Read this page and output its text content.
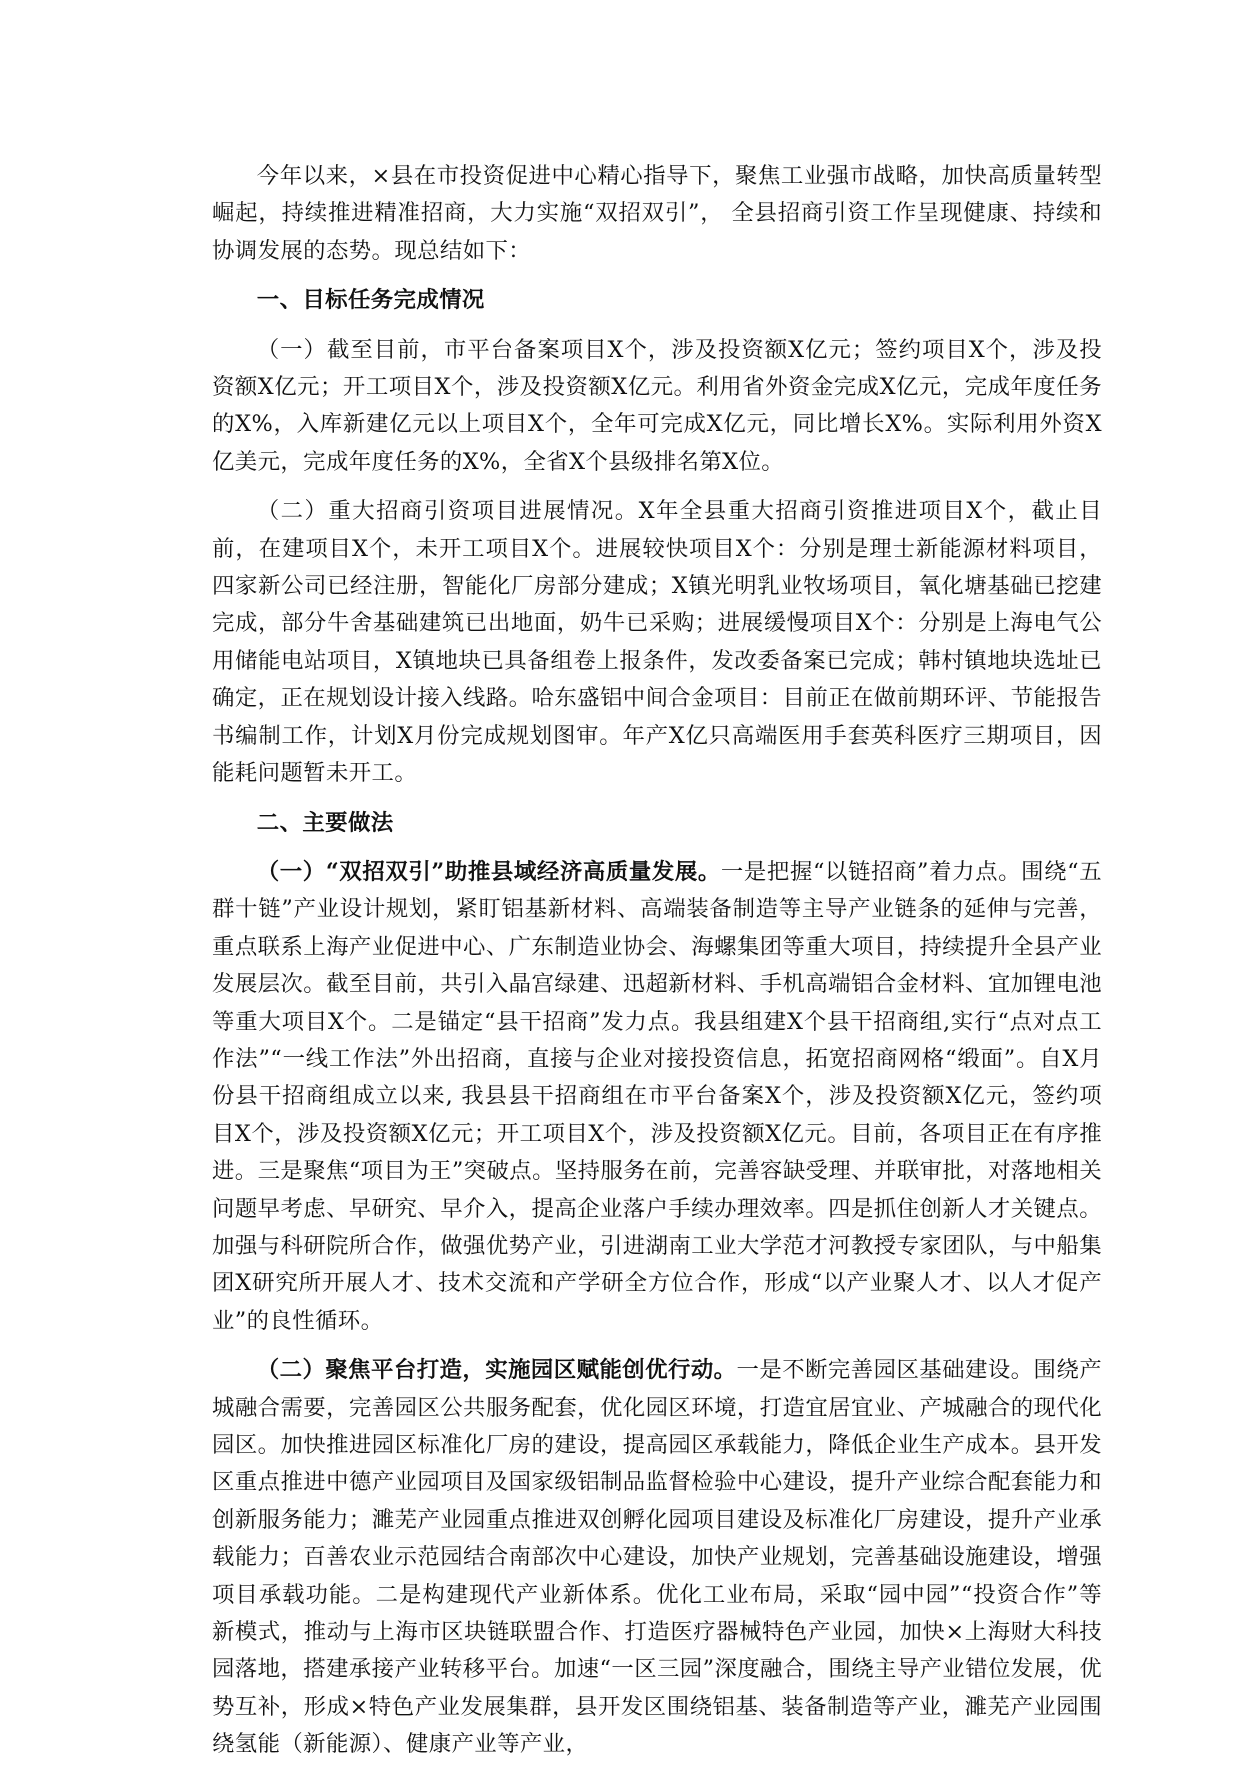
今年以来，×县在市投资促进中心精心指导下，聚焦工业强市战略，加快高质量转型崛起，持续推进精准招商，大力实施“双招双引”， 全县招商引资工作呈现健康、持续和协调发展的态势。现总结如下：

一、目标任务完成情况

（一）截至目前，市平台备案项目X个，涉及投资额X亿元；签约项目X个，涉及投资额X亿元；开工项目X个，涉及投资额X亿元。利用省外资金完成X亿元，完成年度任务的X%，入库新建亿元以上项目X个，全年可完成X亿元，同比增长X%。实际利用外资X亿美元，完成年度任务的X%，全省X个县级排名第X位。

（二）重大招商引资项目进展情况。X年全县重大招商引资推进项目X个，截止目前，在建项目X个，未开工项目X个。进展较快项目X个：分别是理士新能源材料项目，四家新公司已经注册，智能化厂房部分建成；X镇光明乳业牧场项目，氧化塘基础已挖建完成，部分牛舍基础建筑已出地面，奶牛已采购；进展缓慢项目X个：分别是上海电气公用储能电站项目，X镇地块已具备组卷上报条件，发改委备案已完成；韩村镇地块选址已确定，正在规划设计接入线路。哈东盛铝中间合金项目：目前正在做前期环评、节能报告书编制工作，计划X月份完成规划图审。年产X亿只高端医用手套英科医疗三期项目，因能耗问题暂未开工。

二、主要做法

（一）“双招双引”助推县域经济高质量发展。一是把握“以链招商”着力点。围绕“五群十链”产业设计规划，紧盯铝基新材料、高端装备制造等主导产业链条的延伸与完善，重点联系上海产业促进中心、广东制造业协会、海螺集团等重大项目，持续提升全县产业发展层次。截至目前，共引入晶宫绿建、迅超新材料、手机高端铝合金材料、宜加锂电池等重大项目X个。二是锚定“县干招商”发力点。我县组建X个县干招商组,实行“点对点工作法”“一线工作法”外出招商，直接与企业对接投资信息，拓宽招商网格“缎面”。自X月份县干招商组成立以来, 我县县干招商组在市平台备案X个，涉及投资额X亿元，签约项目X个，涉及投资额X亿元；开工项目X个，涉及投资额X亿元。目前，各项目正在有序推进。三是聚焦“项目为王”突破点。坚持服务在前，完善容缺受理、并联审批，对落地相关问题早考虑、早研究、早介入，提高企业落户手续办理效率。四是抓住创新人才关键点。加强与科研院所合作，做强优势产业，引进湖南工业大学范才河教授专家团队，与中船集团X研究所开展人才、技术交流和产学研全方位合作，形成“以产业聚人才、以人才促产业”的良性循环。

（二）聚焦平台打造，实施园区赋能创优行动。一是不断完善园区基础建设。围绕产城融合需要，完善园区公共服务配套，优化园区环境，打造宜居宜业、产城融合的现代化园区。加快推进园区标准化厂房的建设，提高园区承载能力，降低企业生产成本。县开发区重点推进中德产业园项目及国家级铝制品监督检验中心建设，提升产业综合配套能力和创新服务能力；濉芜产业园重点推进双创孵化园项目建设及标准化厂房建设，提升产业承载能力；百善农业示范园结合南部次中心建设，加快产业规划，完善基础设施建设，增强项目承载功能。二是构建现代产业新体系。优化工业布局，采取“园中园”“投资合作”等新模式，推动与上海市区块链联盟合作、打造医疗器械特色产业园，加快×上海财大科技园落地，搭建承接产业转移平台。加速“一区三园”深度融合，围绕主导产业错位发展，优势互补，形成×特色产业发展集群，县开发区围绕铝基、装备制造等产业，濉芜产业园围绕氢能（新能源）、健康产业等产业，
